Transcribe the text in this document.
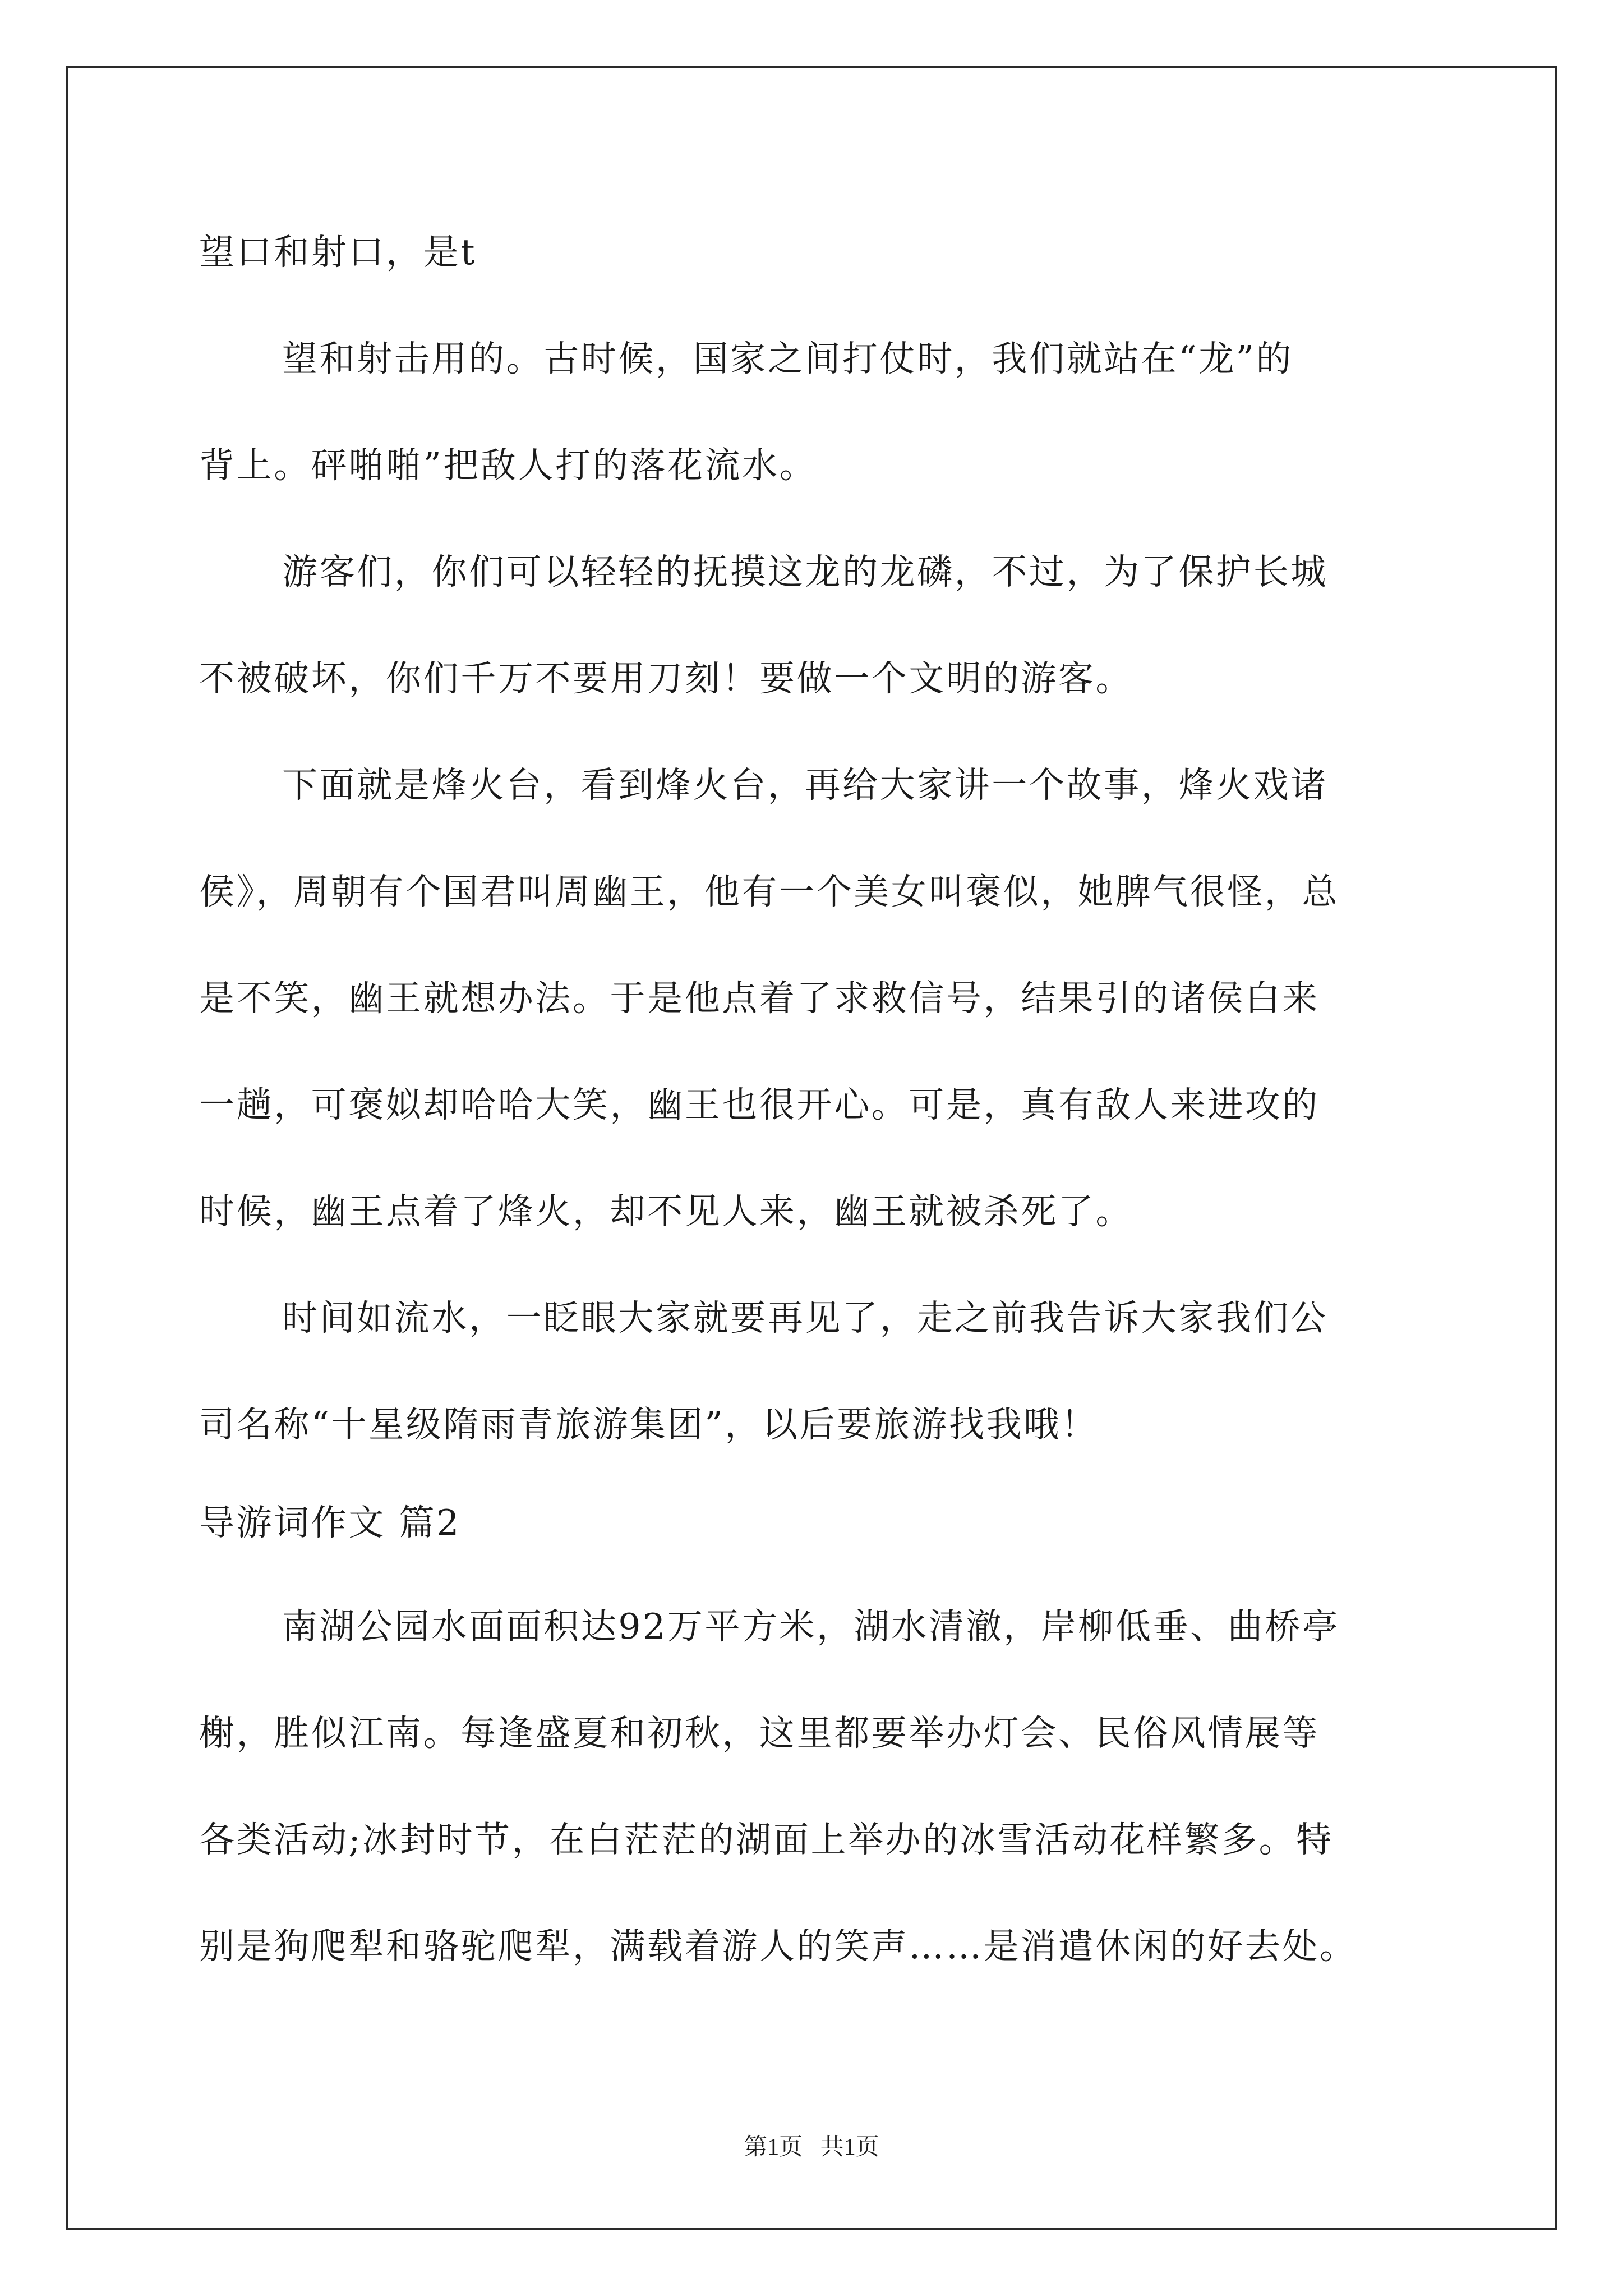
望口和射口，是t
望和射击用的。古时候，国家之间打仗时，我们就站在“龙”的
背上。砰啪啪”把敌人打的落花流水。
游客们，你们可以轻轻的抚摸这龙的龙磷，不过，为了保护长城
不被破坏，你们千万不要用刀刻！要做一个文明的游客。
下面就是烽火台，看到烽火台，再给大家讲一个故事，烽火戏诸
侯》，周朝有个国君叫周幽王，他有一个美女叫褒似，她脾气很怪，总
是不笑，幽王就想办法。于是他点着了求救信号，结果引的诸侯白来
一趟，可褒姒却哈哈大笑，幽王也很开心。可是，真有敌人来进攻的
时候，幽王点着了烽火，却不见人来，幽王就被杀死了。
时间如流水，一眨眼大家就要再见了，走之前我告诉大家我们公
司名称“十星级隋雨青旅游集团”，以后要旅游找我哦！
导游词作文 篇2
南湖公园水面面积达92万平方米，湖水清澈，岸柳低垂、曲桥亭
榭，胜似江南。每逢盛夏和初秋，这里都要举办灯会、民俗风情展等
各类活动;冰封时节，在白茫茫的湖面上举办的冰雪活动花样繁多。特
别是狗爬犁和骆驼爬犁，满载着游人的笑声……是消遣休闲的好去处。
第1页   共1页
